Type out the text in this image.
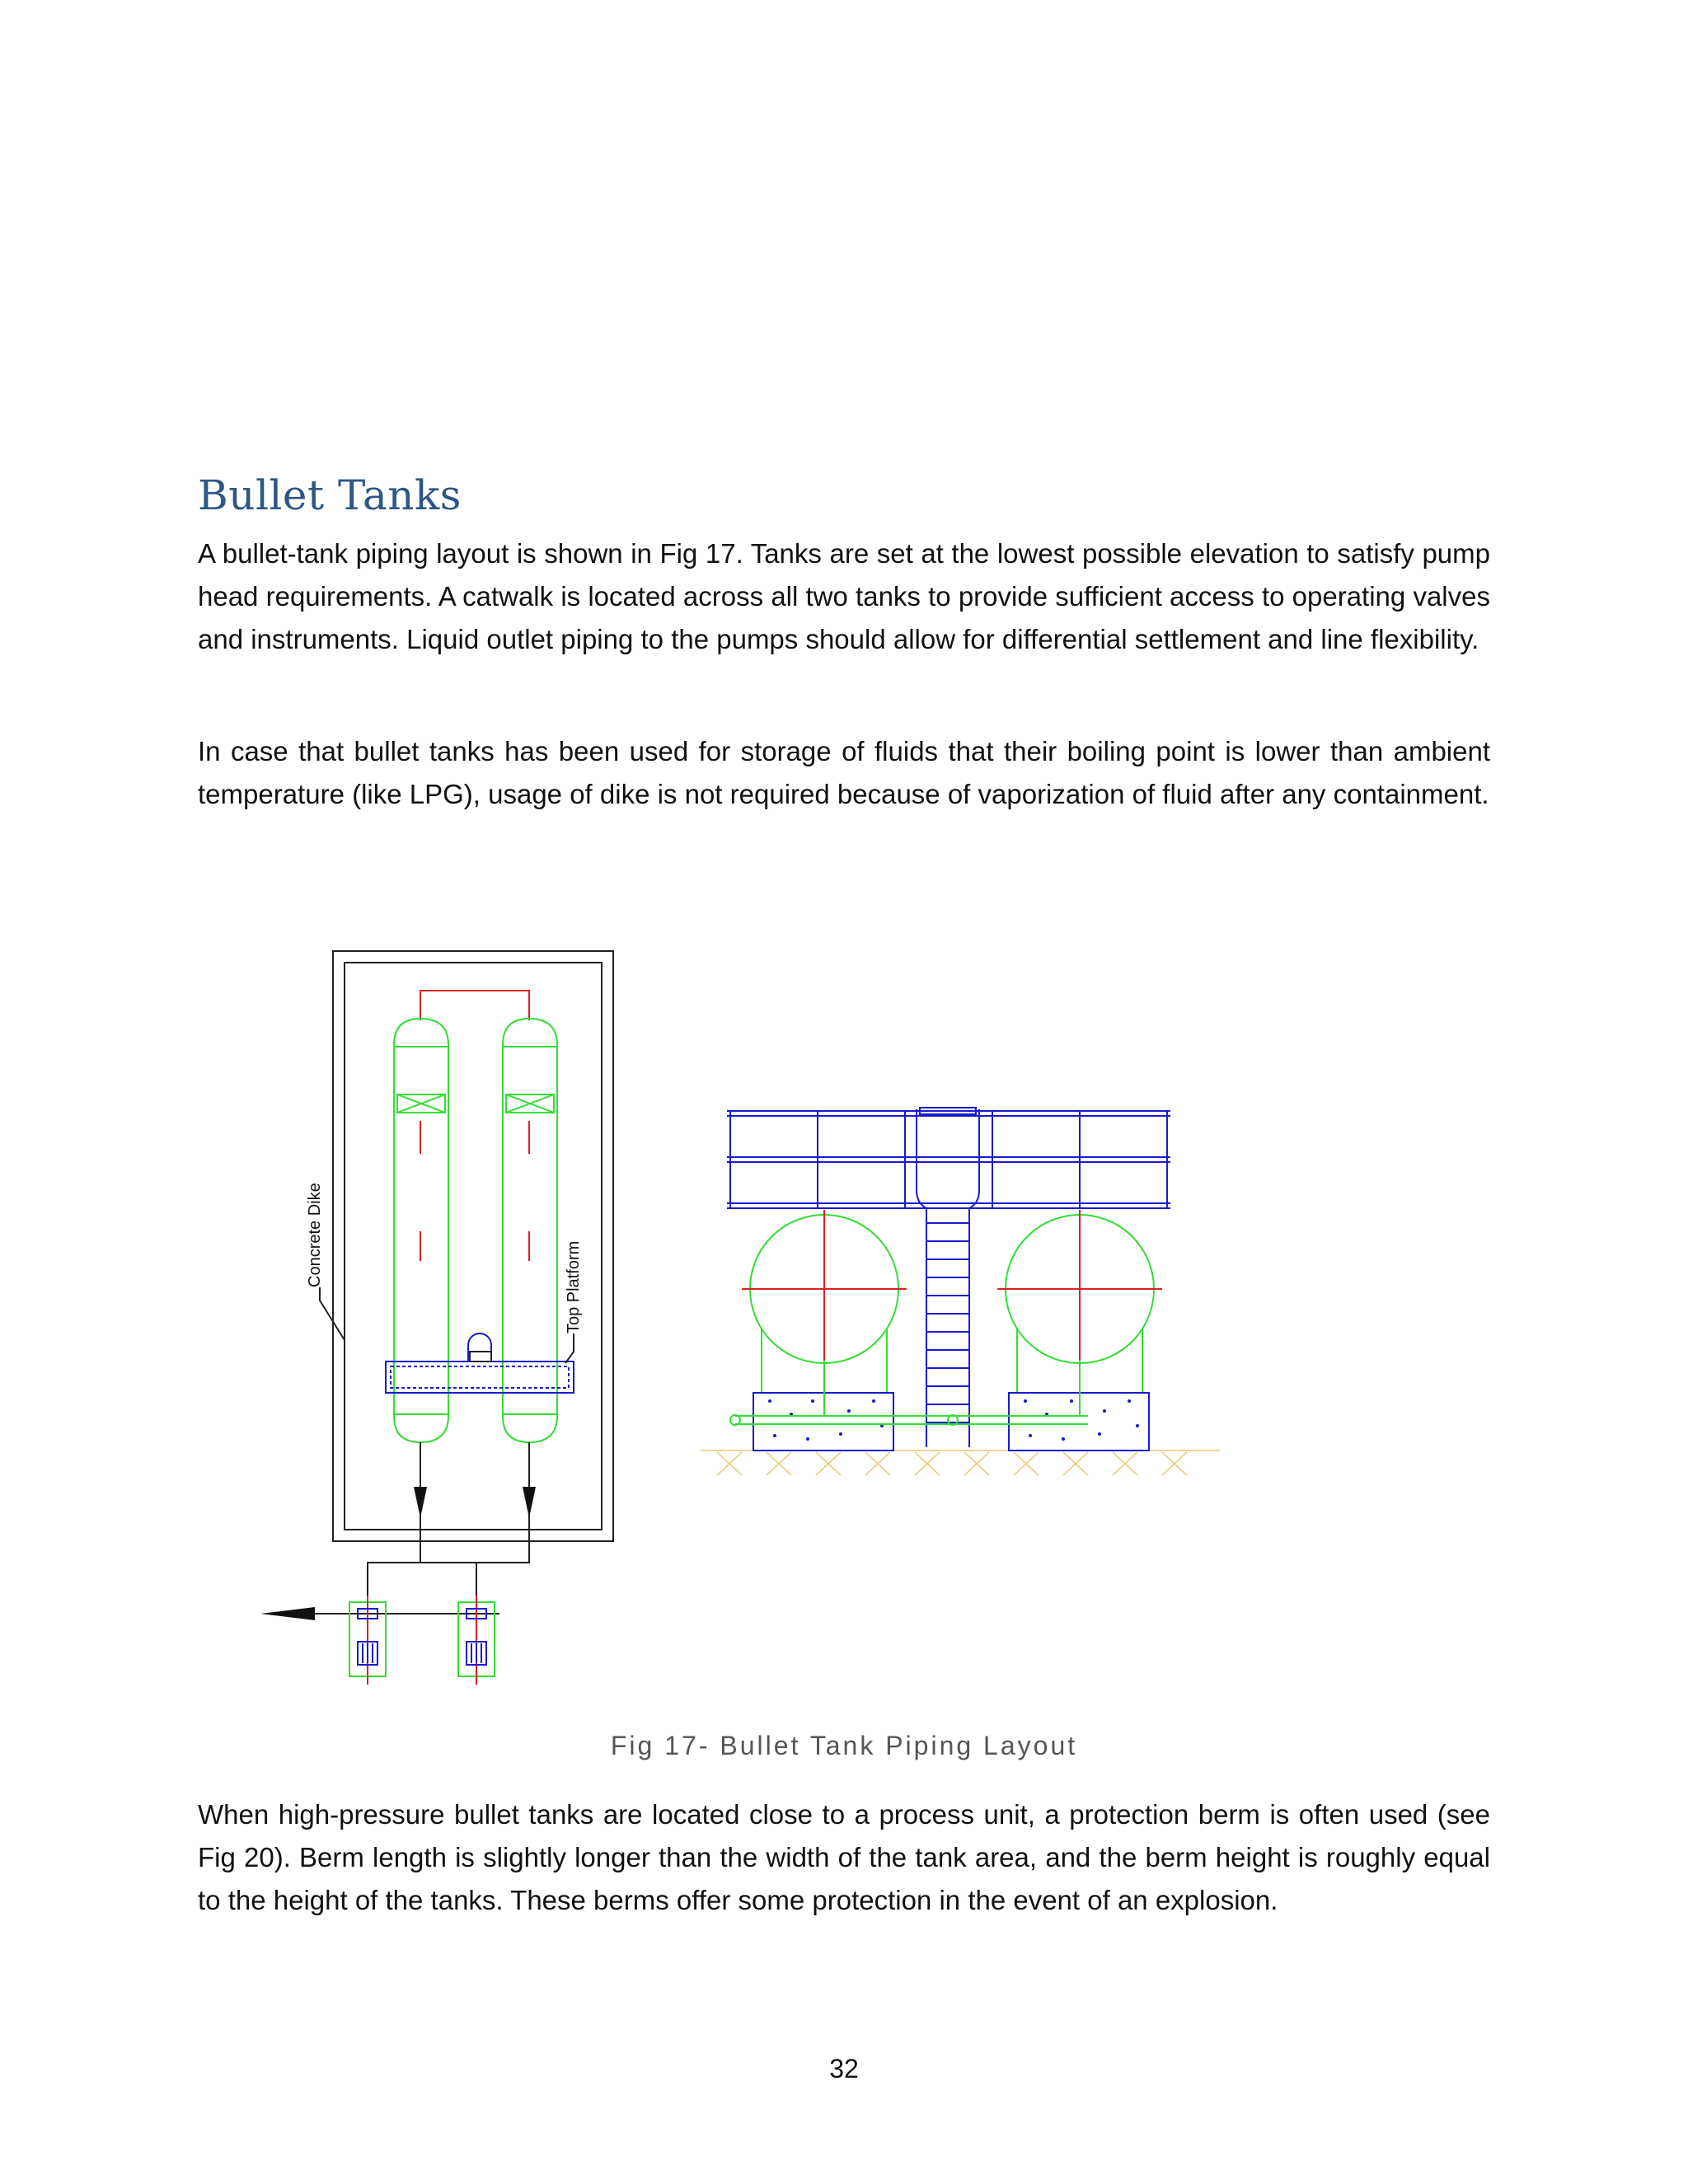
Bullet Tanks

A bullet-tank piping layout is shown in Fig 17. Tanks are set at the lowest possible elevation to satisfy pump head requirements. A catwalk is located across all two tanks to provide sufficient access to operating valves and instruments. Liquid outlet piping to the pumps should allow for differential settlement and line flexibility.

In case that bullet tanks has been used for storage of fluids that their boiling point is lower than ambient temperature (like LPG), usage of dike is not required because of vaporization of fluid after any containment.

Concrete Dike	Top Platform
Fig 17- Bullet Tank Piping Layout

When high-pressure bullet tanks are located close to a process unit, a protection berm is often used (see Fig 20). Berm length is slightly longer than the width of the tank area, and the berm height is roughly equal to the height of the tanks. These berms offer some protection in the event of an explosion.

32
